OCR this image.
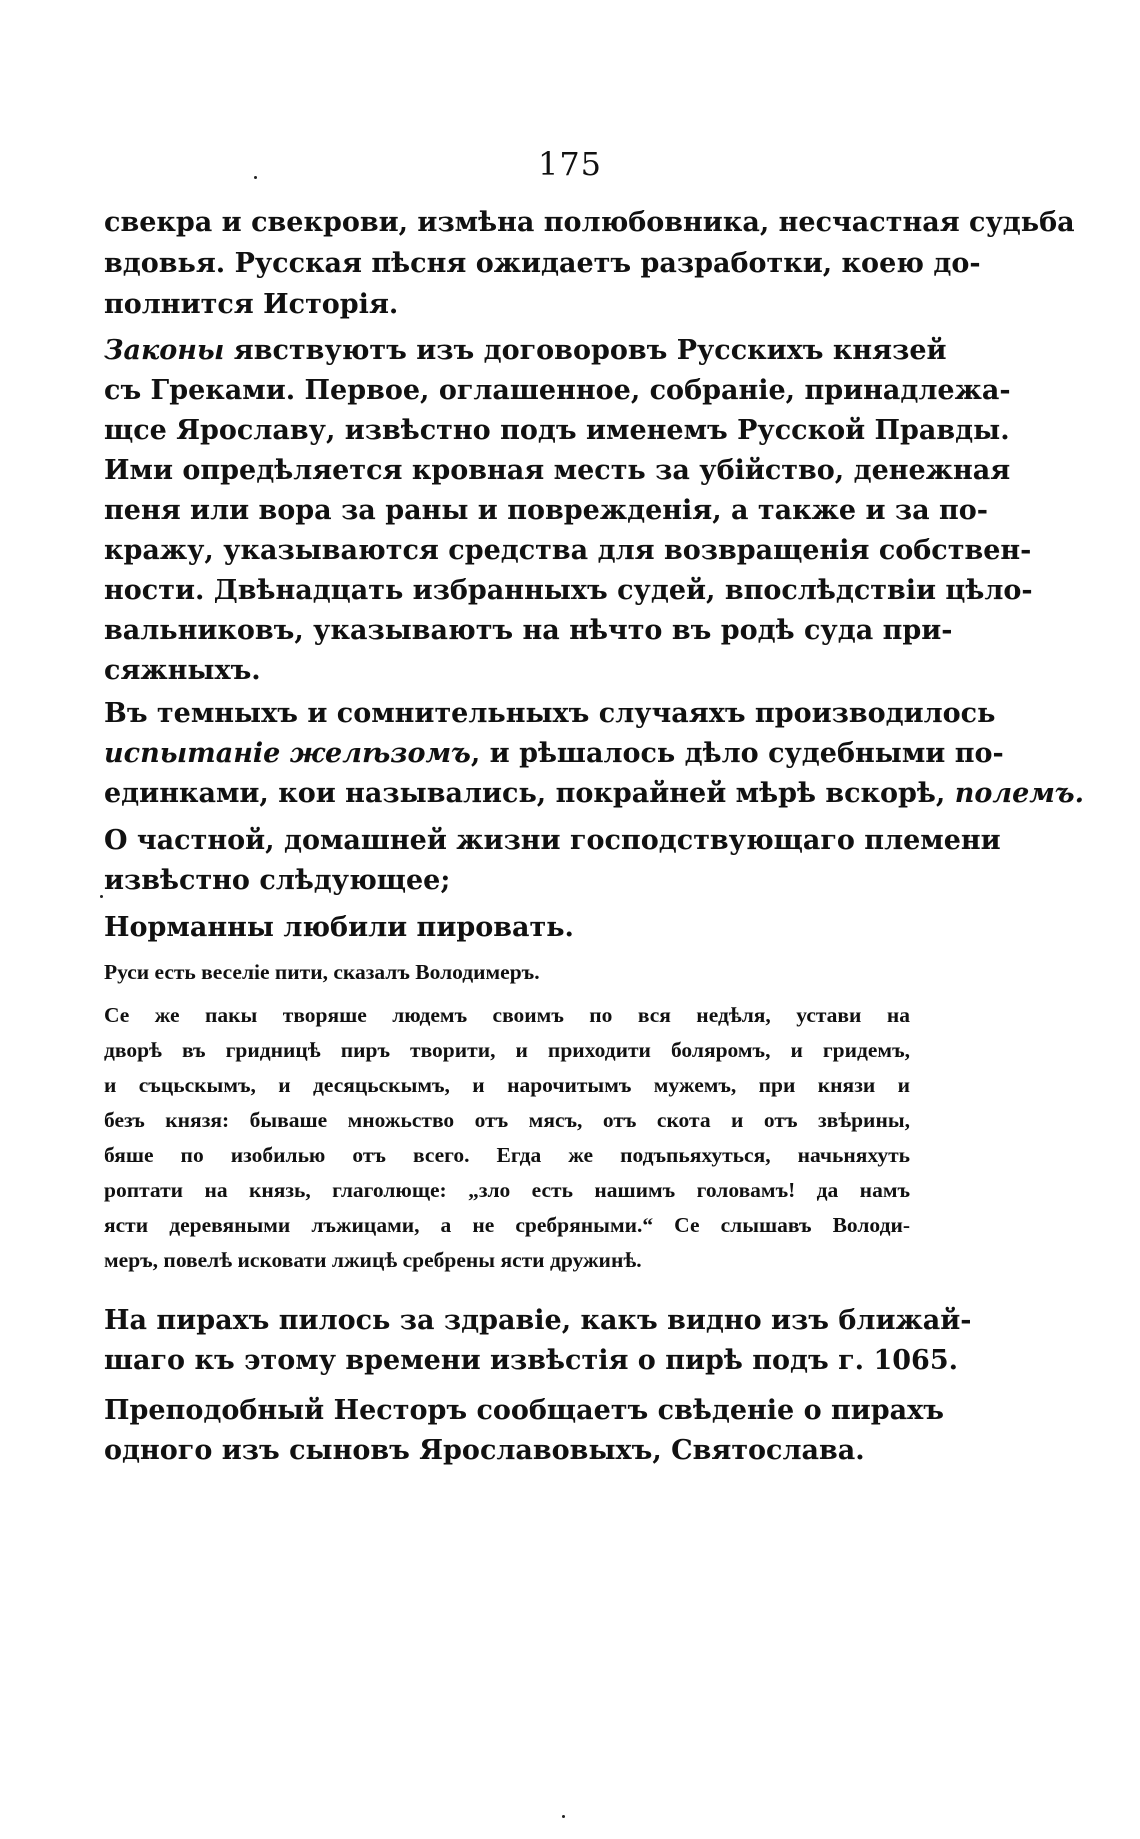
175
свекра и свекрови, измѣна полюбовника, несчастная судьба
вдовья. Русская пѣсня ожидаетъ разработки, коею до-
полнится Исторія.
Законы явствуютъ изъ договоровъ Русскихъ князей
съ Греками. Первое, оглашенное, собраніе, принадлежа-
щсе Ярославу, извѣстно подъ именемъ Русской Правды.
Ими опредѣляется кровная месть за убійство, денежная
пеня или вора за раны и поврежденія, а также и за по-
кражу, указываются средства для возвращенія собствен-
ности. Двѣнадцать избранныхъ судей, впослѣдствіи цѣло-
вальниковъ, указываютъ на нѣчто въ родѣ суда при-
сяжныхъ.
Въ темныхъ и сомнительныхъ случаяхъ производилось
испытаніе желѣзомъ, и рѣшалось дѣло судебными по-
единками, кои назывались, покрайней мѣрѣ вскорѣ, полемъ.
О частной, домашней жизни господствующаго племени
извѣстно слѣдующее;
Норманны любили пировать.
Руси есть веселіе пити, сказалъ Володимеръ.
Се же пакы творяше людемъ своимъ по вся недѣля, устави на
дворѣ въ гридницѣ пиръ творити, и приходити боляромъ, и гридемъ,
и съцьскымъ, и десяцьскымъ, и нарочитымъ мужемъ, при князи и
безъ князя: бываше множьство отъ мясъ, отъ скота и отъ звѣрины,
бяше по изобилью отъ всего. Егда же подъпьяхуться, начьняхуть
роптати на князь, глаголюще: „зло есть нашимъ головамъ! да намъ
ясти деревяными лъжицами, а не сребряными.“ Се слышавъ Володи-
меръ, повелѣ исковати лжицѣ сребрены ясти дружинѣ.
На пирахъ пилось за здравіе, какъ видно изъ ближай-
шаго къ этому времени извѣстія о пирѣ подъ г. 1065.
Преподобный Несторъ сообщаетъ свѣденіе о пирахъ
одного изъ сыновъ Ярославовыхъ, Святослава.
